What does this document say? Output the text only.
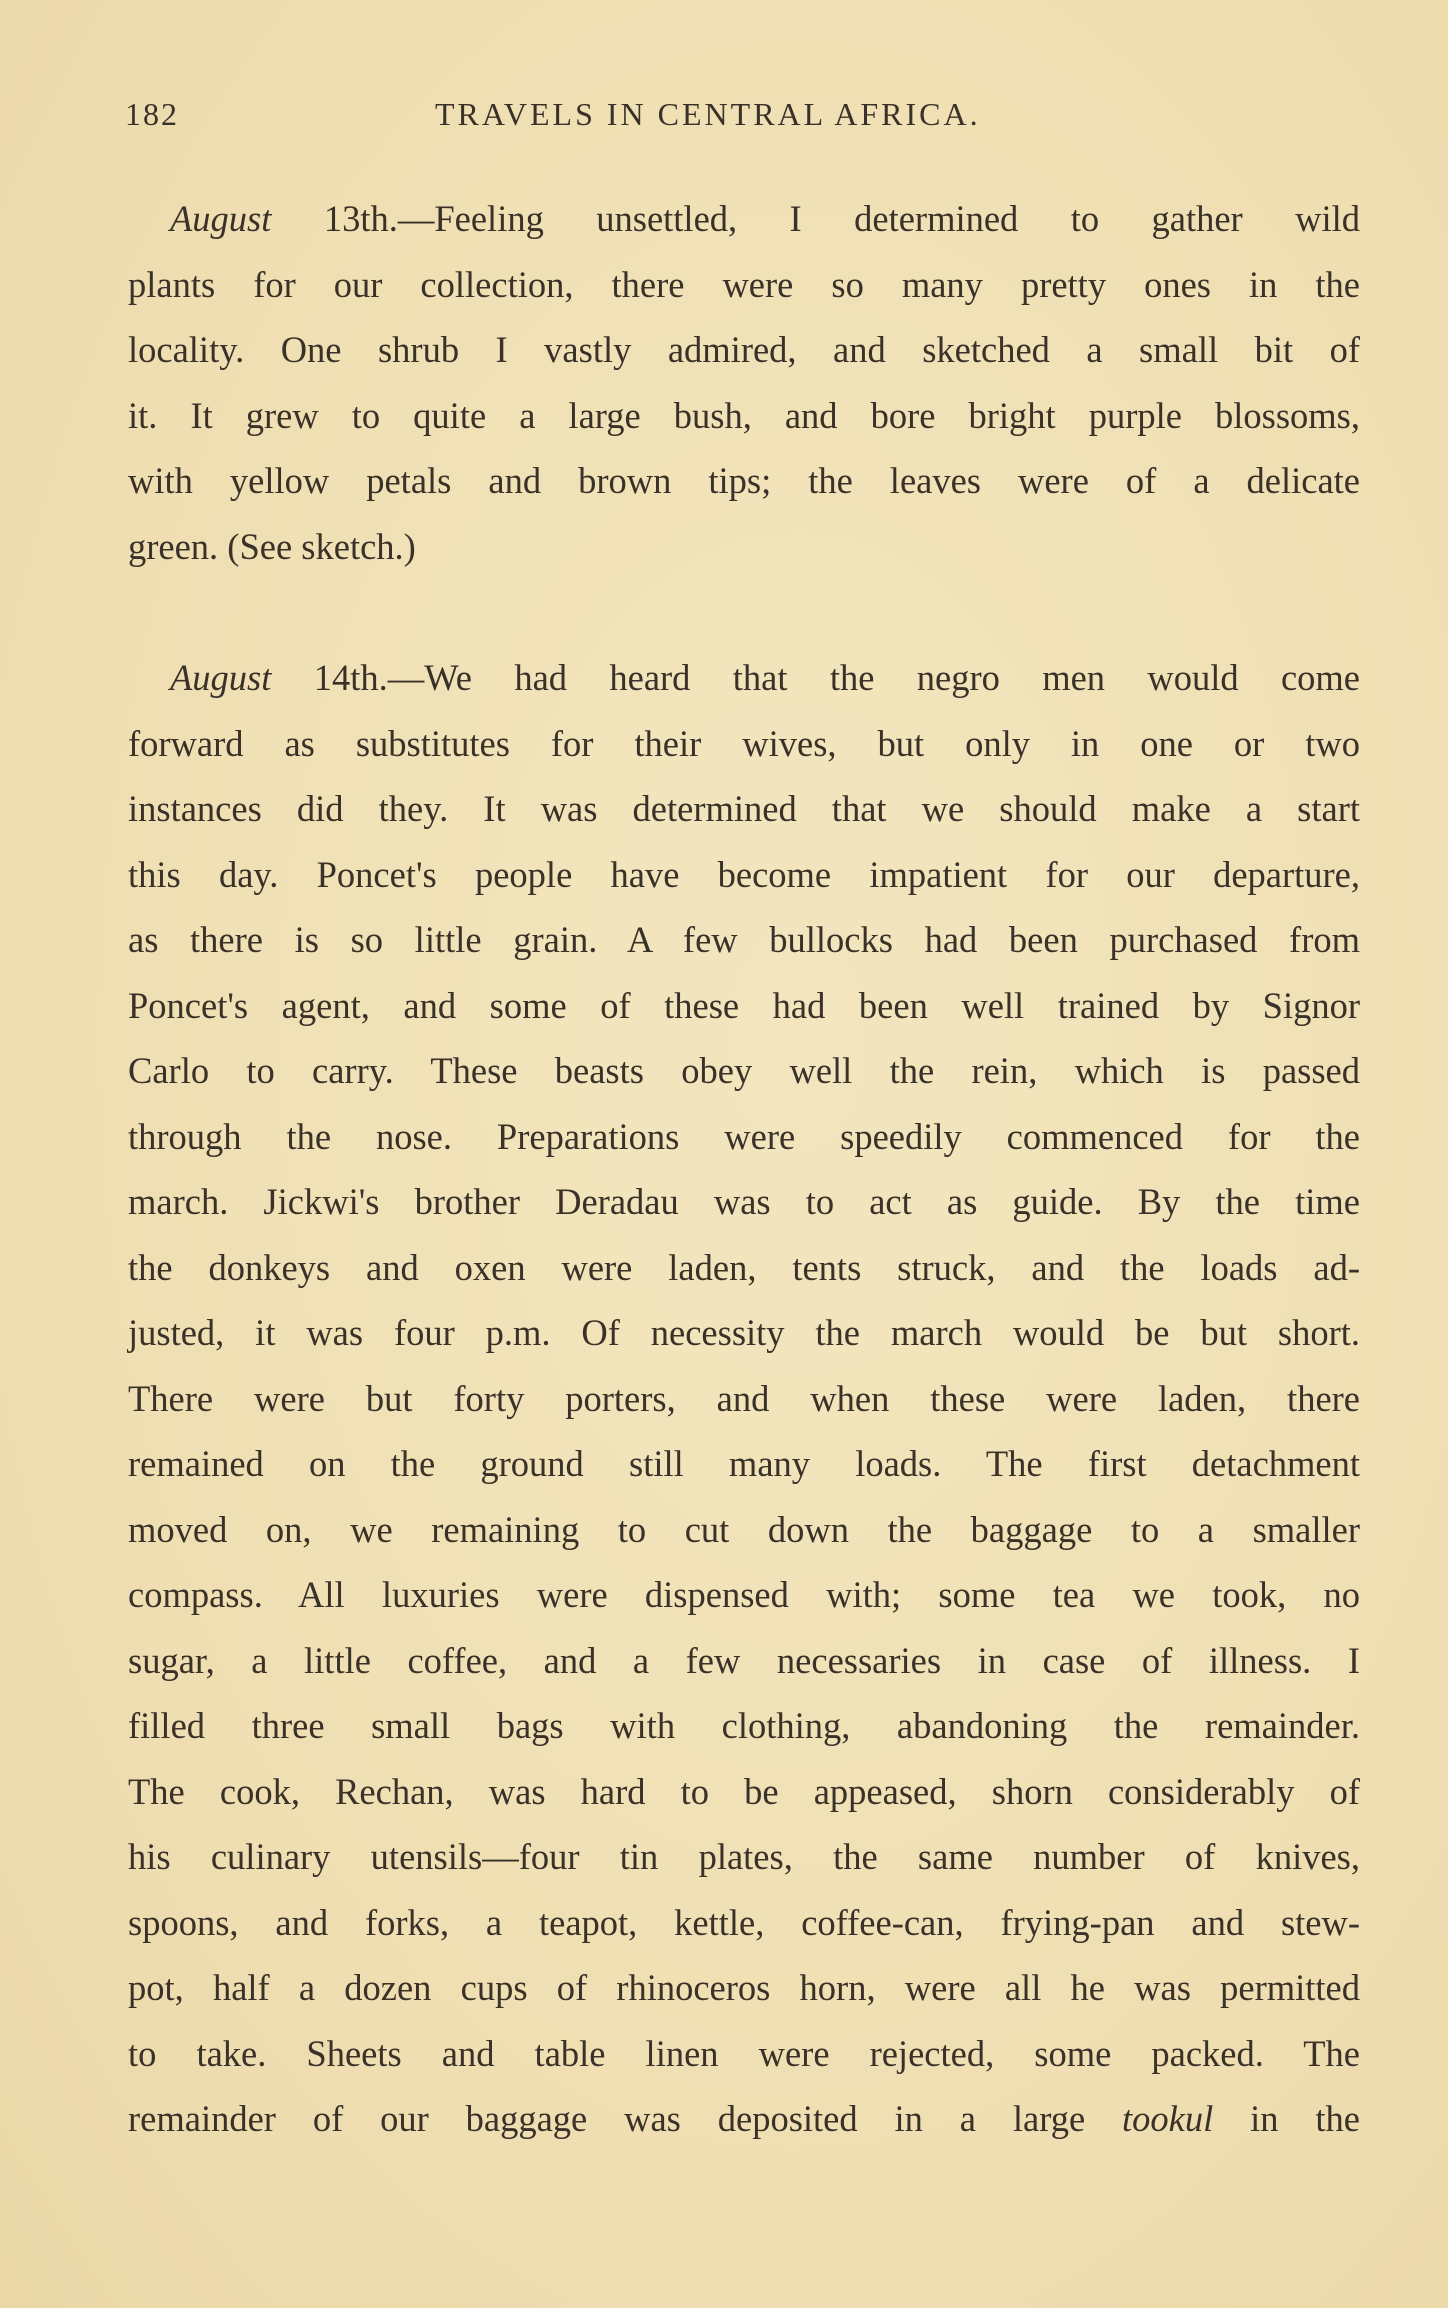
182	TRAVELS IN CENTRAL AFRICA.
August 13th.—Feeling unsettled, I determined to gather wild
plants for our collection, there were so many pretty ones in the
locality. One shrub I vastly admired, and sketched a small bit of
it. It grew to quite a large bush, and bore bright purple blossoms,
with yellow petals and brown tips; the leaves were of a delicate
green. (See sketch.)
August 14th.—We had heard that the negro men would come
forward as substitutes for their wives, but only in one or two
instances did they. It was determined that we should make a start
this day. Poncet's people have become impatient for our departure,
as there is so little grain. A few bullocks had been purchased from
Poncet's agent, and some of these had been well trained by Signor
Carlo to carry. These beasts obey well the rein, which is passed
through the nose. Preparations were speedily commenced for the
march. Jickwi's brother Deradau was to act as guide. By the time
the donkeys and oxen were laden, tents struck, and the loads ad-
justed, it was four p.m. Of necessity the march would be but short.
There were but forty porters, and when these were laden, there
remained on the ground still many loads. The first detachment
moved on, we remaining to cut down the baggage to a smaller
compass. All luxuries were dispensed with; some tea we took, no
sugar, a little coffee, and a few necessaries in case of illness. I
filled three small bags with clothing, abandoning the remainder.
The cook, Rechan, was hard to be appeased, shorn considerably of
his culinary utensils—four tin plates, the same number of knives,
spoons, and forks, a teapot, kettle, coffee-can, frying-pan and stew-
pot, half a dozen cups of rhinoceros horn, were all he was permitted
to take. Sheets and table linen were rejected, some packed. The
remainder of our baggage was deposited in a large tookul in the
